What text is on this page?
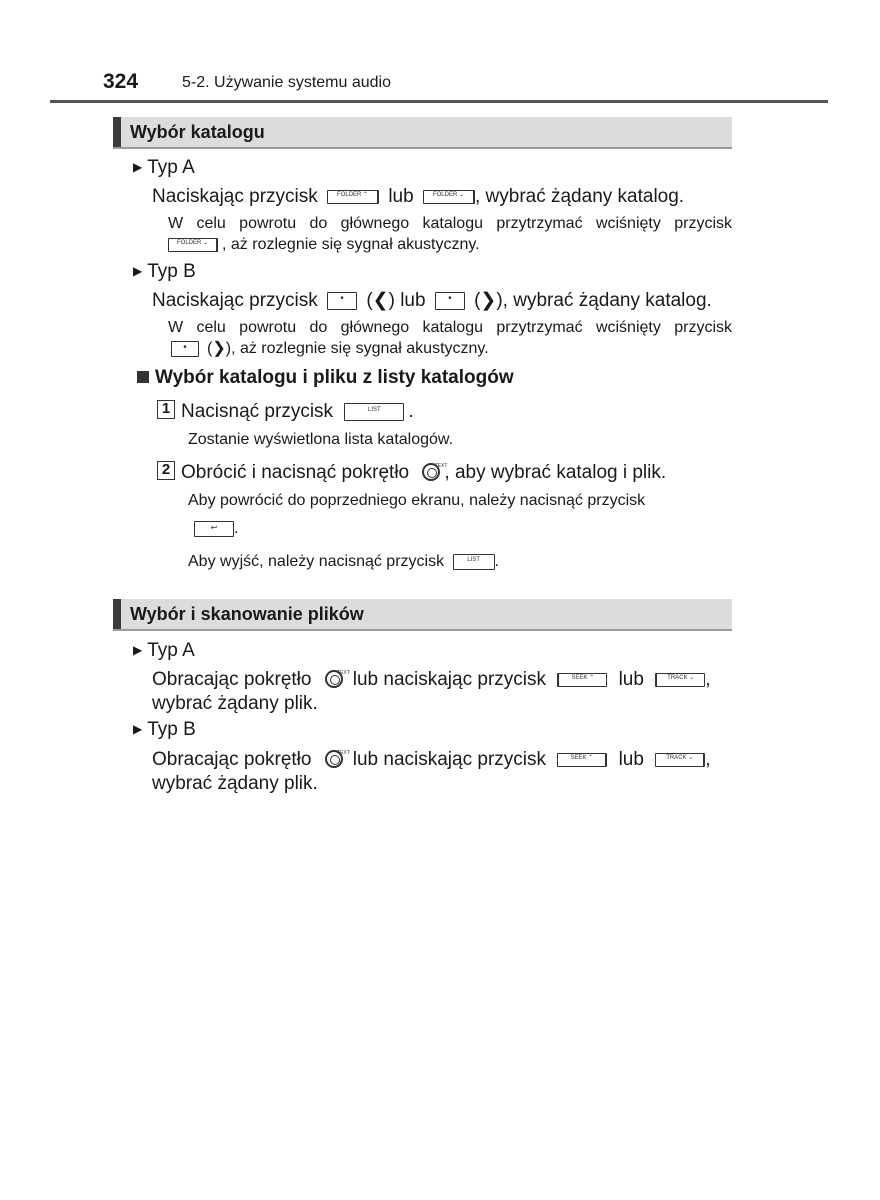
324	5-2. Używanie systemu audio
Wybór katalogu
▶ Typ A
Naciskając przycisk	FOLDER ⌃ lub	FOLDER ⌄ , wybrać żądany katalog.
W celu powrotu do głównego katalogu przytrzymać wciśnięty przycisk
FOLDER ⌄ , aż rozlegnie się sygnał akustyczny.
▶ Typ B
Naciskając przycisk • (❮) lub • (❯), wybrać żądany katalog.
W celu powrotu do głównego katalogu przytrzymać wciśnięty przycisk
• (❯), aż rozlegnie się sygnał akustyczny.
Wybór katalogu i pliku z listy katalogów
1 Nacisnąć przycisk	LIST .
Zostanie wyświetlona lista katalogów.
2 Obrócić i nacisnąć pokrętło	TEXT
, aby wybrać katalog i plik.
Aby powrócić do poprzedniego ekranu, należy nacisnąć przycisk
↩ .
Aby wyjść, należy nacisnąć przycisk	LIST .
Wybór i skanowanie plików
▶ Typ A
Obracając pokrętło	TEXT lub naciskając przycisk	SEEK ⌃ lub	TRACK ⌄ ,
wybrać żądany plik.
▶ Typ B
Obracając pokrętło	TEXT lub naciskając przycisk	SEEK ⌃ lub	TRACK ⌄ ,
wybrać żądany plik.
